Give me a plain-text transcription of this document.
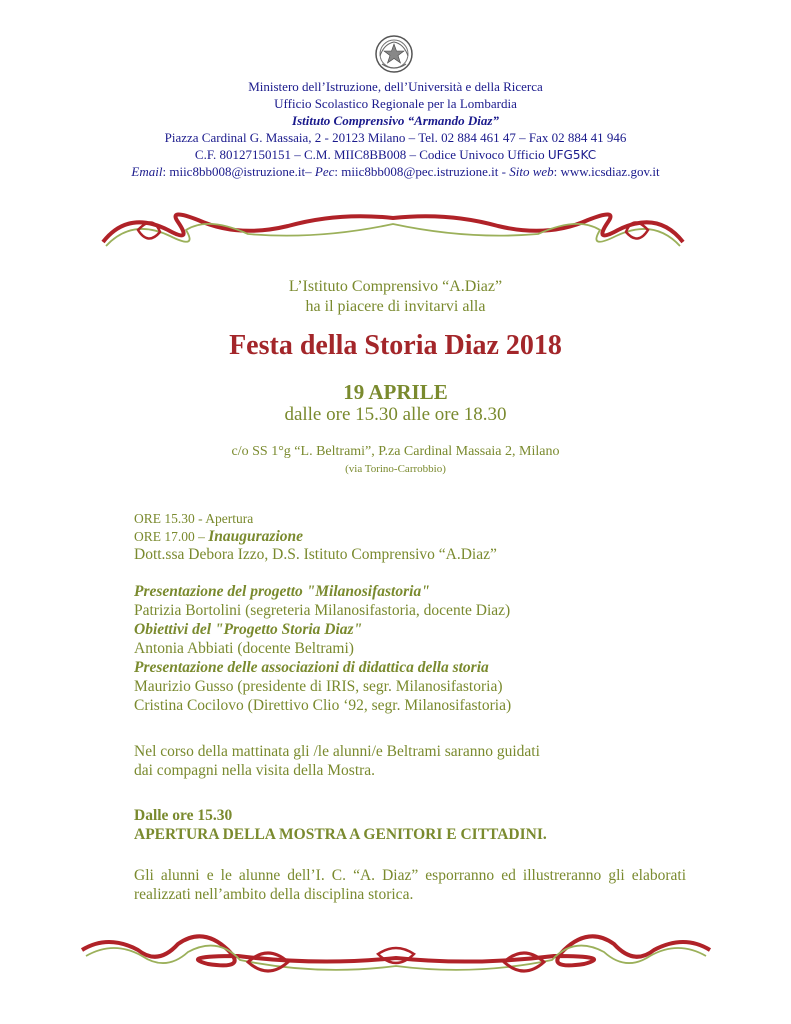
Ministero dell’Istruzione, dell’Università e della Ricerca
Ufficio Scolastico Regionale per la Lombardia
Istituto Comprensivo “Armando Diaz”
Piazza Cardinal G. Massaia, 2 - 20123 Milano – Tel. 02 884 461 47 – Fax 02 884 41 946
C.F. 80127150151 – C.M. MIIC8BB008 – Codice Univoco Ufficio UFG5KC
Email: miic8bb008@istruzione.it– Pec: miic8bb008@pec.istruzione.it - Sito web: www.icsdiaz.gov.it
L’Istituto Comprensivo “A.Diaz”
ha il piacere di invitarvi alla
Festa della Storia Diaz 2018
19 APRILE
dalle ore 15.30 alle ore 18.30
c/o SS 1°g “L. Beltrami”, P.za Cardinal Massaia 2, Milano
(via Torino-Carrobbio)
ORE 15.30 - Apertura
ORE 17.00 – Inaugurazione
Dott.ssa Debora Izzo, D.S. Istituto Comprensivo “A.Diaz”
Presentazione del progetto "Milanosifastoria"
Patrizia Bortolini (segreteria Milanosifastoria, docente Diaz)
Obiettivi del "Progetto Storia Diaz"
Antonia Abbiati (docente Beltrami)
Presentazione delle associazioni di didattica della storia
Maurizio Gusso (presidente di IRIS, segr. Milanosifastoria)
Cristina Cocilovo (Direttivo Clio ‘92, segr. Milanosifastoria)
Nel corso della mattinata gli /le alunni/e Beltrami saranno guidati
dai compagni nella visita della Mostra.
Dalle ore 15.30
APERTURA DELLA MOSTRA A GENITORI E CITTADINI.
Gli alunni e le alunne dell’I. C. “A. Diaz” esporranno ed illustreranno gli elaborati realizzati nell’ambito della disciplina storica.
